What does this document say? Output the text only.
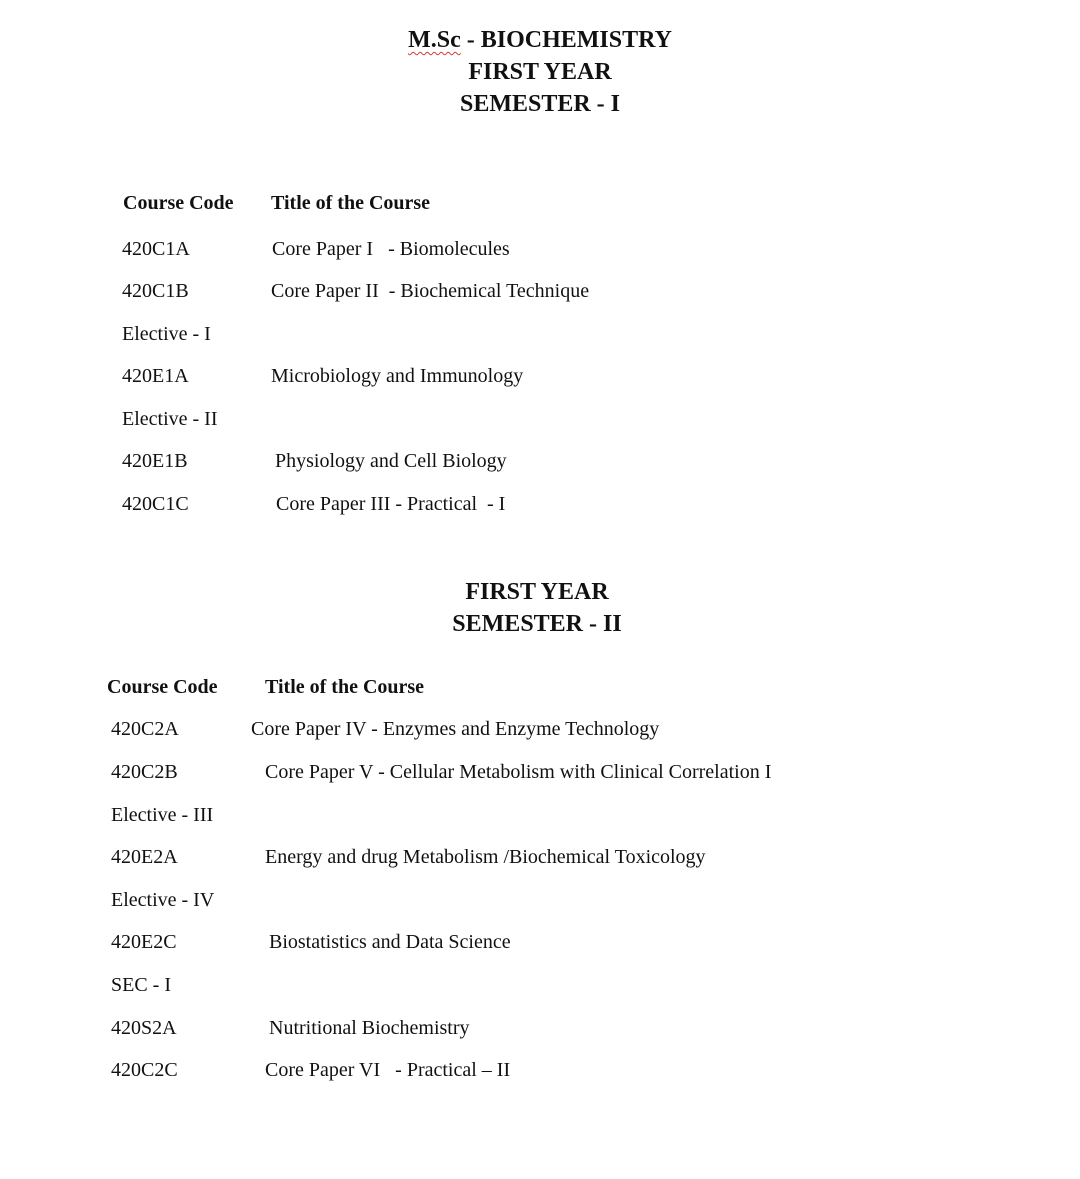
M.Sc - BIOCHEMISTRY
FIRST YEAR
SEMESTER - I
Course Code Title of the Course
420C1A	Core Paper I   - Biomolecules
420C1B	Core Paper II  - Biochemical Technique
Elective - I
420E1A	Microbiology and Immunology
Elective - II
420E1B	Physiology and Cell Biology
420C1C	Core Paper III - Practical  - I
FIRST YEAR
SEMESTER - II
Course Code Title of the Course
420C2A	Core Paper IV - Enzymes and Enzyme Technology
420C2B	Core Paper V - Cellular Metabolism with Clinical Correlation I
Elective - III
420E2A	Energy and drug Metabolism /Biochemical Toxicology
Elective - IV
420E2C	Biostatistics and Data Science
SEC - I
420S2A	Nutritional Biochemistry
420C2C	Core Paper VI   - Practical – II
